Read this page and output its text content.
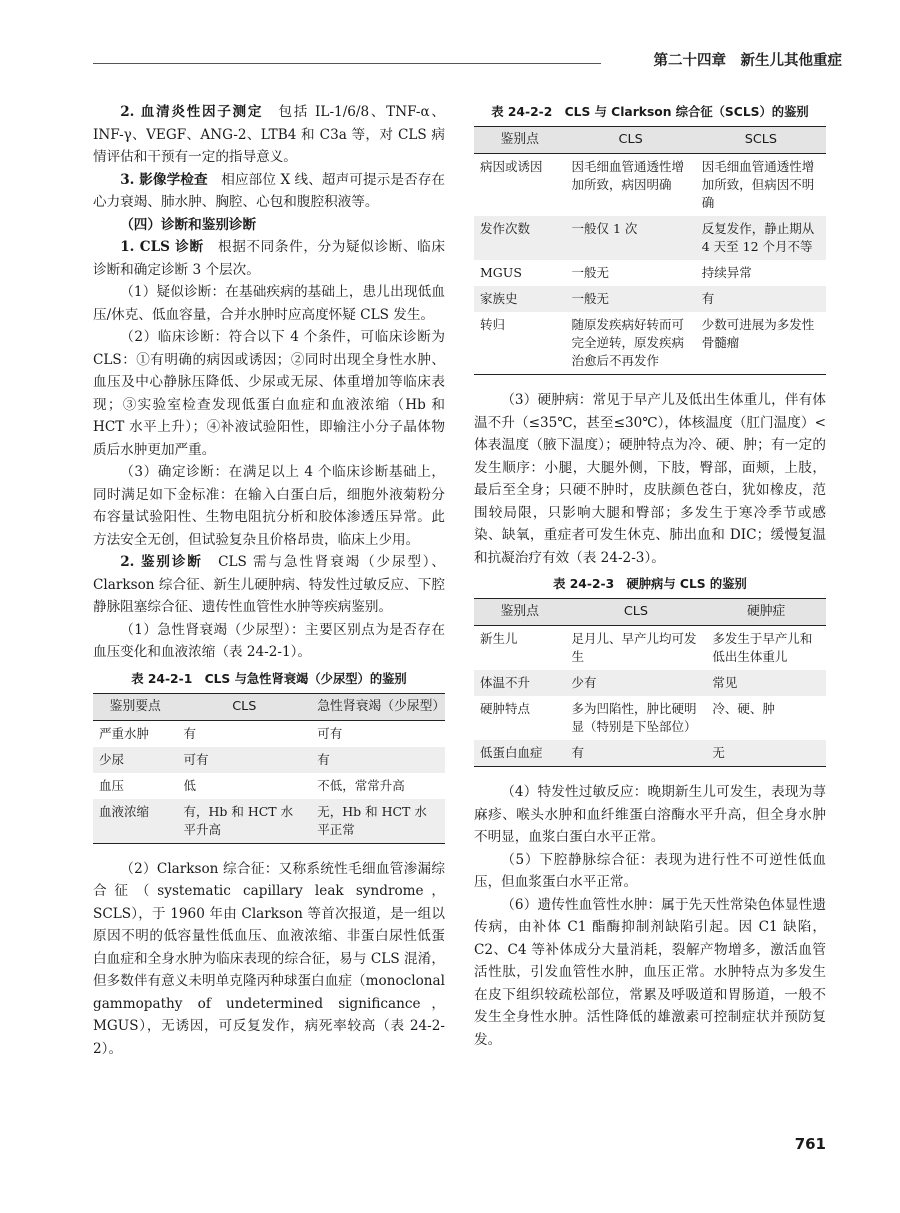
第二十四章　新生儿其他重症

2. 血清炎性因子测定　包括 IL-1/6/8、TNF-α、INF-γ、VEGF、ANG-2、LTB4 和 C3a 等，对 CLS 病情评估和干预有一定的指导意义。

3. 影像学检查　相应部位 X 线、超声可提示是否存在心力衰竭、肺水肿、胸腔、心包和腹腔积液等。

（四）诊断和鉴别诊断

1. CLS 诊断　根据不同条件，分为疑似诊断、临床诊断和确定诊断 3 个层次。

（1）疑似诊断：在基础疾病的基础上，患儿出现低血压/休克、低血容量，合并水肿时应高度怀疑 CLS 发生。

（2）临床诊断：符合以下 4 个条件，可临床诊断为 CLS：①有明确的病因或诱因；②同时出现全身性水肿、血压及中心静脉压降低、少尿或无尿、体重增加等临床表现；③实验室检查发现低蛋白血症和血液浓缩（Hb 和 HCT 水平上升）；④补液试验阳性，即输注小分子晶体物质后水肿更加严重。

（3）确定诊断：在满足以上 4 个临床诊断基础上，同时满足如下金标准：在输入白蛋白后，细胞外液菊粉分布容量试验阳性、生物电阻抗分析和胶体渗透压异常。此方法安全无创，但试验复杂且价格昂贵，临床上少用。

2. 鉴别诊断　CLS 需与急性肾衰竭（少尿型）、Clarkson 综合征、新生儿硬肿病、特发性过敏反应、下腔静脉阻塞综合征、遗传性血管性水肿等疾病鉴别。

（1）急性肾衰竭（少尿型）：主要区别点为是否存在血压变化和血液浓缩（表 24-2-1）。

表 24-2-1　CLS 与急性肾衰竭（少尿型）的鉴别
鉴别要点	CLS	急性肾衰竭（少尿型）
严重水肿	有	可有
少尿	可有	有
血压	低	不低，常常升高
血液浓缩	有，Hb 和 HCT 水平升高	无，Hb 和 HCT 水平正常

（2）Clarkson 综合征：又称系统性毛细血管渗漏综合征（systematic capillary leak syndrome，SCLS），于 1960 年由 Clarkson 等首次报道，是一组以原因不明的低容量性低血压、血液浓缩、非蛋白尿性低蛋白血症和全身水肿为临床表现的综合征，易与 CLS 混淆，但多数伴有意义未明单克隆丙种球蛋白血症（monoclonal gammopathy of undetermined significance，MGUS），无诱因，可反复发作，病死率较高（表 24-2-2）。

表 24-2-2　CLS 与 Clarkson 综合征（SCLS）的鉴别
鉴别点	CLS	SCLS
病因或诱因	因毛细血管通透性增加所致，病因明确	因毛细血管通透性增加所致，但病因不明确
发作次数	一般仅 1 次	反复发作，静止期从 4 天至 12 个月不等
MGUS	一般无	持续异常
家族史	一般无	有
转归	随原发疾病好转而可完全逆转，原发疾病治愈后不再发作	少数可进展为多发性骨髓瘤

（3）硬肿病：常见于早产儿及低出生体重儿，伴有体温不升（≤35℃，甚至≤30℃），体核温度（肛门温度）<体表温度（腋下温度）；硬肿特点为冷、硬、肿；有一定的发生顺序：小腿，大腿外侧，下肢，臀部，面颊，上肢，最后至全身；只硬不肿时，皮肤颜色苍白，犹如橡皮，范围较局限，只影响大腿和臀部；多发生于寒冷季节或感染、缺氧，重症者可发生休克、肺出血和 DIC；缓慢复温和抗凝治疗有效（表 24-2-3）。

表 24-2-3　硬肿病与 CLS 的鉴别
鉴别点	CLS	硬肿症
新生儿	足月儿、早产儿均可发生	多发生于早产儿和低出生体重儿
体温不升	少有	常见
硬肿特点	多为凹陷性，肿比硬明显（特别是下坠部位）	冷、硬、肿
低蛋白血症	有	无

（4）特发性过敏反应：晚期新生儿可发生，表现为荨麻疹、喉头水肿和血纤维蛋白溶酶水平升高，但全身水肿不明显，血浆白蛋白水平正常。

（5）下腔静脉综合征：表现为进行性不可逆性低血压，但血浆蛋白水平正常。

（6）遗传性血管性水肿：属于先天性常染色体显性遗传病，由补体 C1 酯酶抑制剂缺陷引起。因 C1 缺陷，C2、C4 等补体成分大量消耗，裂解产物增多，激活血管活性肽，引发血管性水肿，血压正常。水肿特点为多发生在皮下组织较疏松部位，常累及呼吸道和胃肠道，一般不发生全身性水肿。活性降低的雄激素可控制症状并预防复发。

761
